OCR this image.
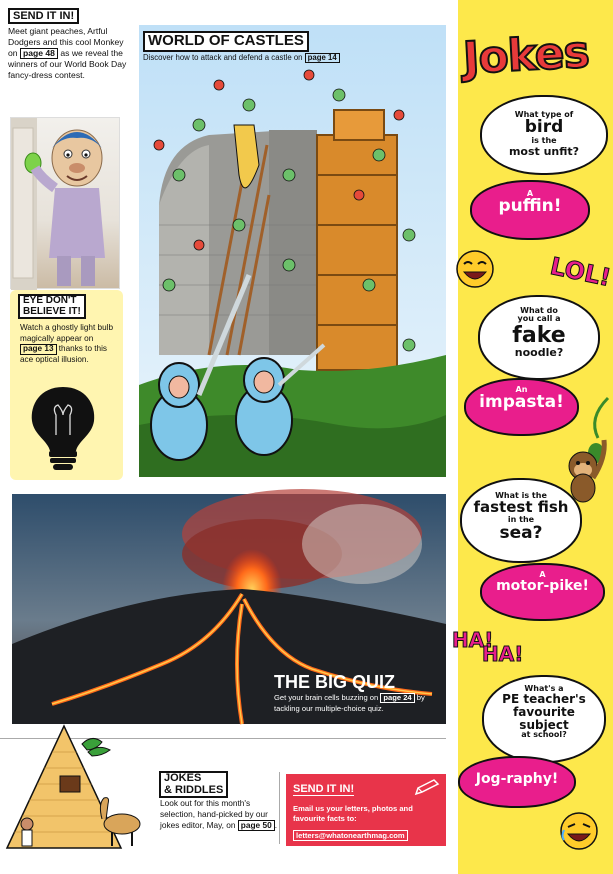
SEND IT IN!
Meet giant peaches, Artful Dodgers and this cool Monkey on page 48 as we reveal the winners of our World Book Day fancy-dress contest.
EYE DON'T
BELIEVE IT!
Watch a ghostly light bulb magically appear on page 13 thanks to this ace optical illusion.
WORLD OF CASTLES
Discover how to attack and defend a castle on page 14
THE BIG QUIZ
Get your brain cells buzzing on page 24 by tackling our multiple-choice quiz.
JOKES
& RIDDLES
Look out for this month's selection, hand-picked by our jokes editor, May, on page 50 .
SEND IT IN!
Email us your letters, photos and favourite facts to:
letters@whatonearthmag.com
Jokes
What type of
bird
is the
most unfit?
A
puffin!
LOL!
What do
you call a
fake
noodle?
An
impasta!
What is the
fastest fish
in the
sea?
A
motor-pike!
HA!
HA!
What's a
PE teacher's
favourite
subject
at school?
Jog-raphy!
